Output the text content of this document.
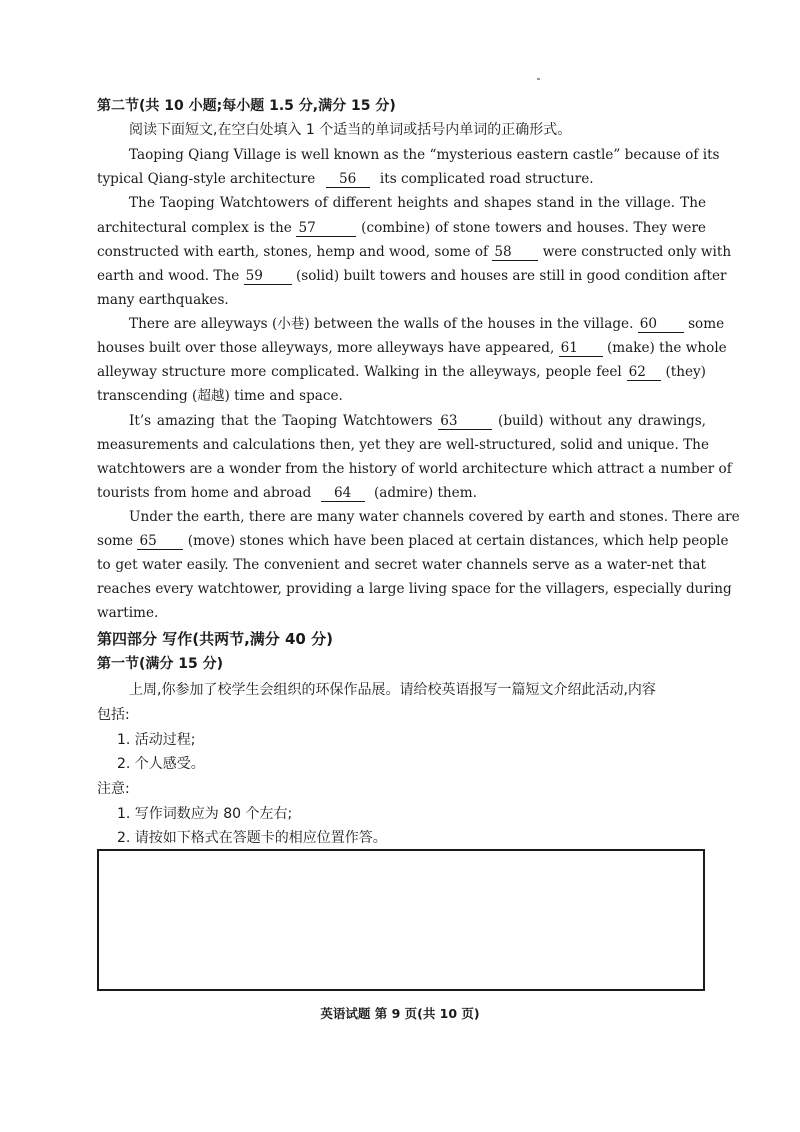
第二节(共 10 小题;每小题 1.5 分,满分 15 分)
阅读下面短文,在空白处填入 1 个适当的单词或括号内单词的正确形式。
Taoping Qiang Village is well known as the “mysterious eastern castle” because of its
typical Qiang-style architecture 56 its complicated road structure.
The Taoping Watchtowers of different heights and shapes stand in the village. The
architectural complex is the 57	(combine) of stone towers and houses. They were
constructed with earth, stones, hemp and wood, some of 58 were constructed only with
earth and wood. The 59 (solid) built towers and houses are still in good condition after
many earthquakes.
There are alleyways (小巷) between the walls of the houses in the village. 60 some
houses built over those alleyways, more alleyways have appeared, 61 (make) the whole
alleyway structure more complicated. Walking in the alleyways, people feel 62 (they)
transcending (超越) time and space.
It’s amazing that the Taoping Watchtowers 63	(build) without any drawings,
measurements and calculations then, yet they are well-structured, solid and unique. The
watchtowers are a wonder from the history of world architecture which attract a number of
tourists from home and abroad 64 (admire) them.
Under the earth, there are many water channels covered by earth and stones. There are
some 65 (move) stones which have been placed at certain distances, which help people
to get water easily. The convenient and secret water channels serve as a water-net that
reaches every watchtower, providing a large living space for the villagers, especially during
wartime.
第四部分 写作(共两节,满分 40 分)
第一节(满分 15 分)
上周,你参加了校学生会组织的环保作品展。请给校英语报写一篇短文介绍此活动,内容
包括:
1. 活动过程;
2. 个人感受。
注意:
1. 写作词数应为 80 个左右;
2. 请按如下格式在答题卡的相应位置作答。
英语试题 第 9 页(共 10 页)
